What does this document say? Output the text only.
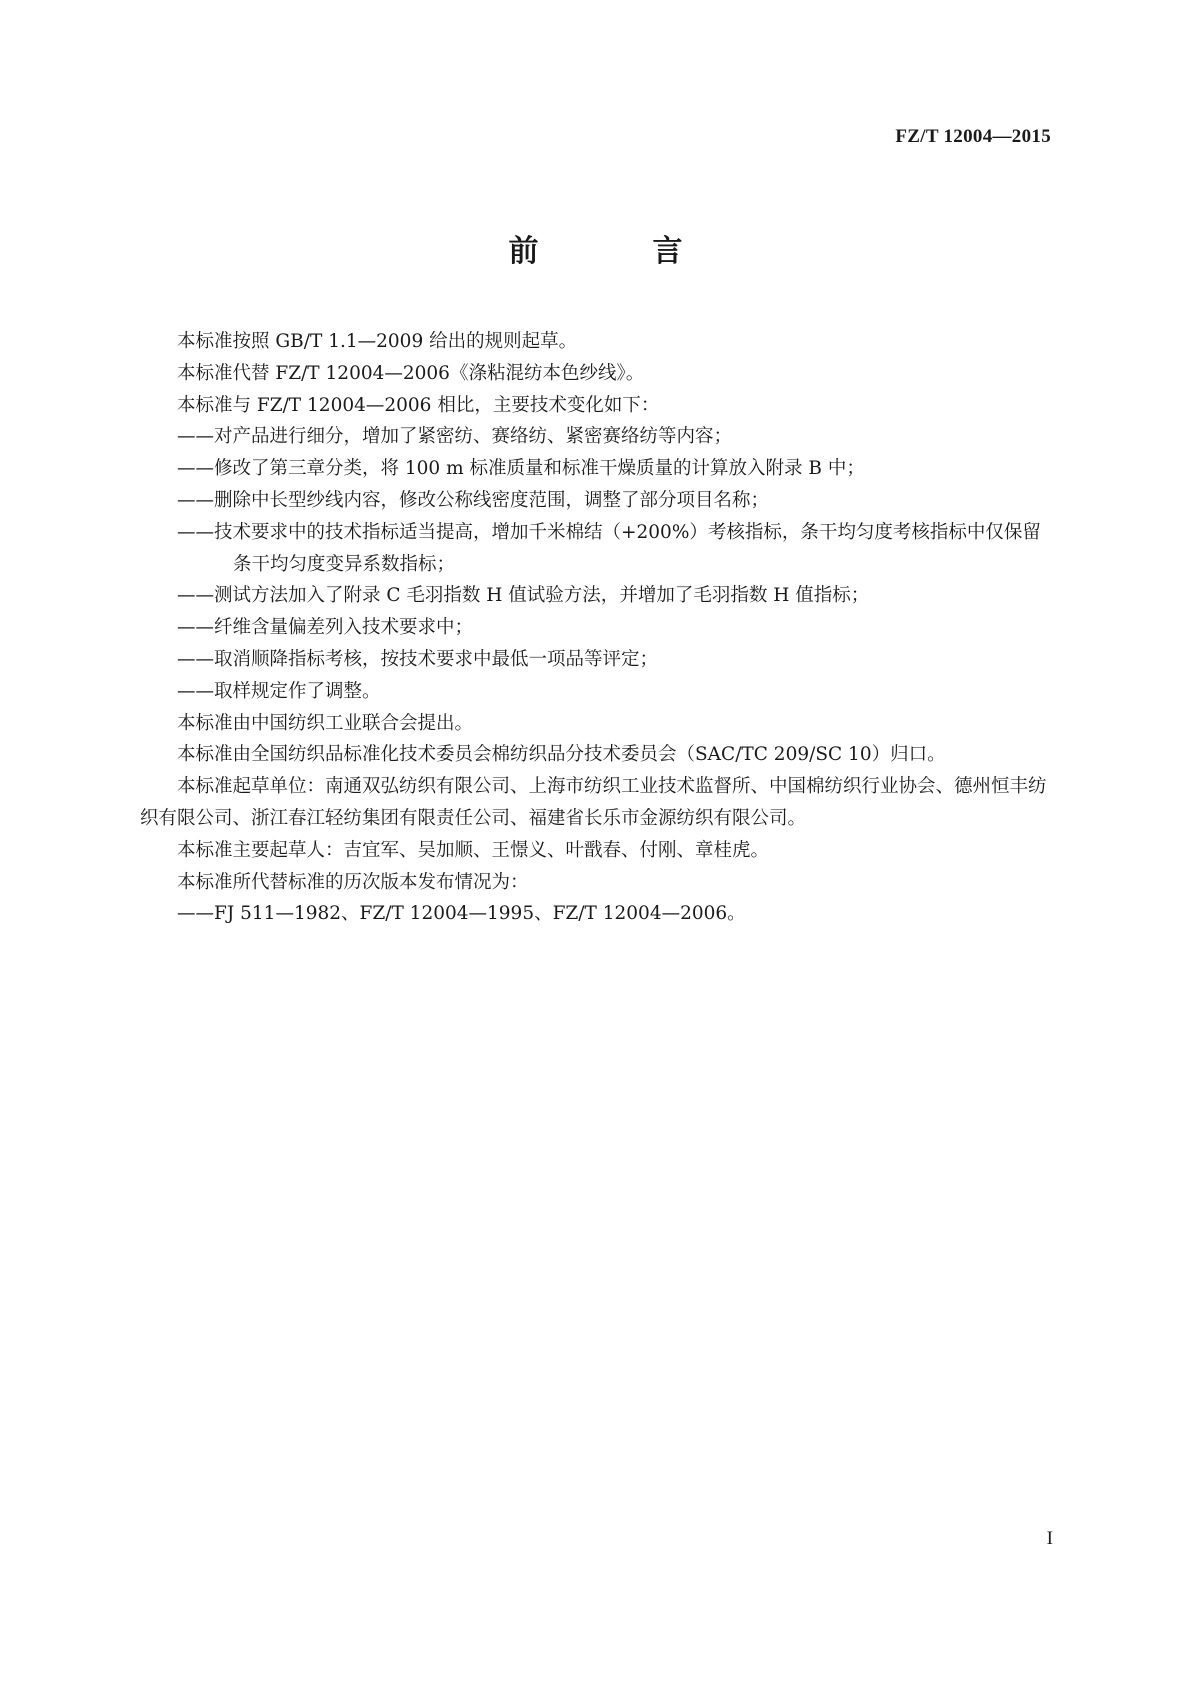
FZ/T 12004—2015
前　言

本标准按照 GB/T 1.1—2009 给出的规则起草。

本标准代替 FZ/T 12004—2006《涤粘混纺本色纱线》。

本标准与 FZ/T 12004—2006 相比，主要技术变化如下：

——对产品进行细分，增加了紧密纺、赛络纺、紧密赛络纺等内容；

——修改了第三章分类，将 100 m 标准质量和标准干燥质量的计算放入附录 B 中；

——删除中长型纱线内容，修改公称线密度范围，调整了部分项目名称；

——技术要求中的技术指标适当提高，增加千米棉结（+200%）考核指标，条干均匀度考核指标中仅保留条干均匀度变异系数指标；

——测试方法加入了附录 C 毛羽指数 H 值试验方法，并增加了毛羽指数 H 值指标；

——纤维含量偏差列入技术要求中；

——取消顺降指标考核，按技术要求中最低一项品等评定；

——取样规定作了调整。

本标准由中国纺织工业联合会提出。

本标准由全国纺织品标准化技术委员会棉纺织品分技术委员会（SAC/TC 209/SC 10）归口。

本标准起草单位：南通双弘纺织有限公司、上海市纺织工业技术监督所、中国棉纺织行业协会、德州恒丰纺织有限公司、浙江春江轻纺集团有限责任公司、福建省长乐市金源纺织有限公司。

本标准主要起草人：吉宜军、吴加顺、王憬义、叶戬春、付刚、章桂虎。

本标准所代替标准的历次版本发布情况为：

——FJ 511—1982、FZ/T 12004—1995、FZ/T 12004—2006。

I
